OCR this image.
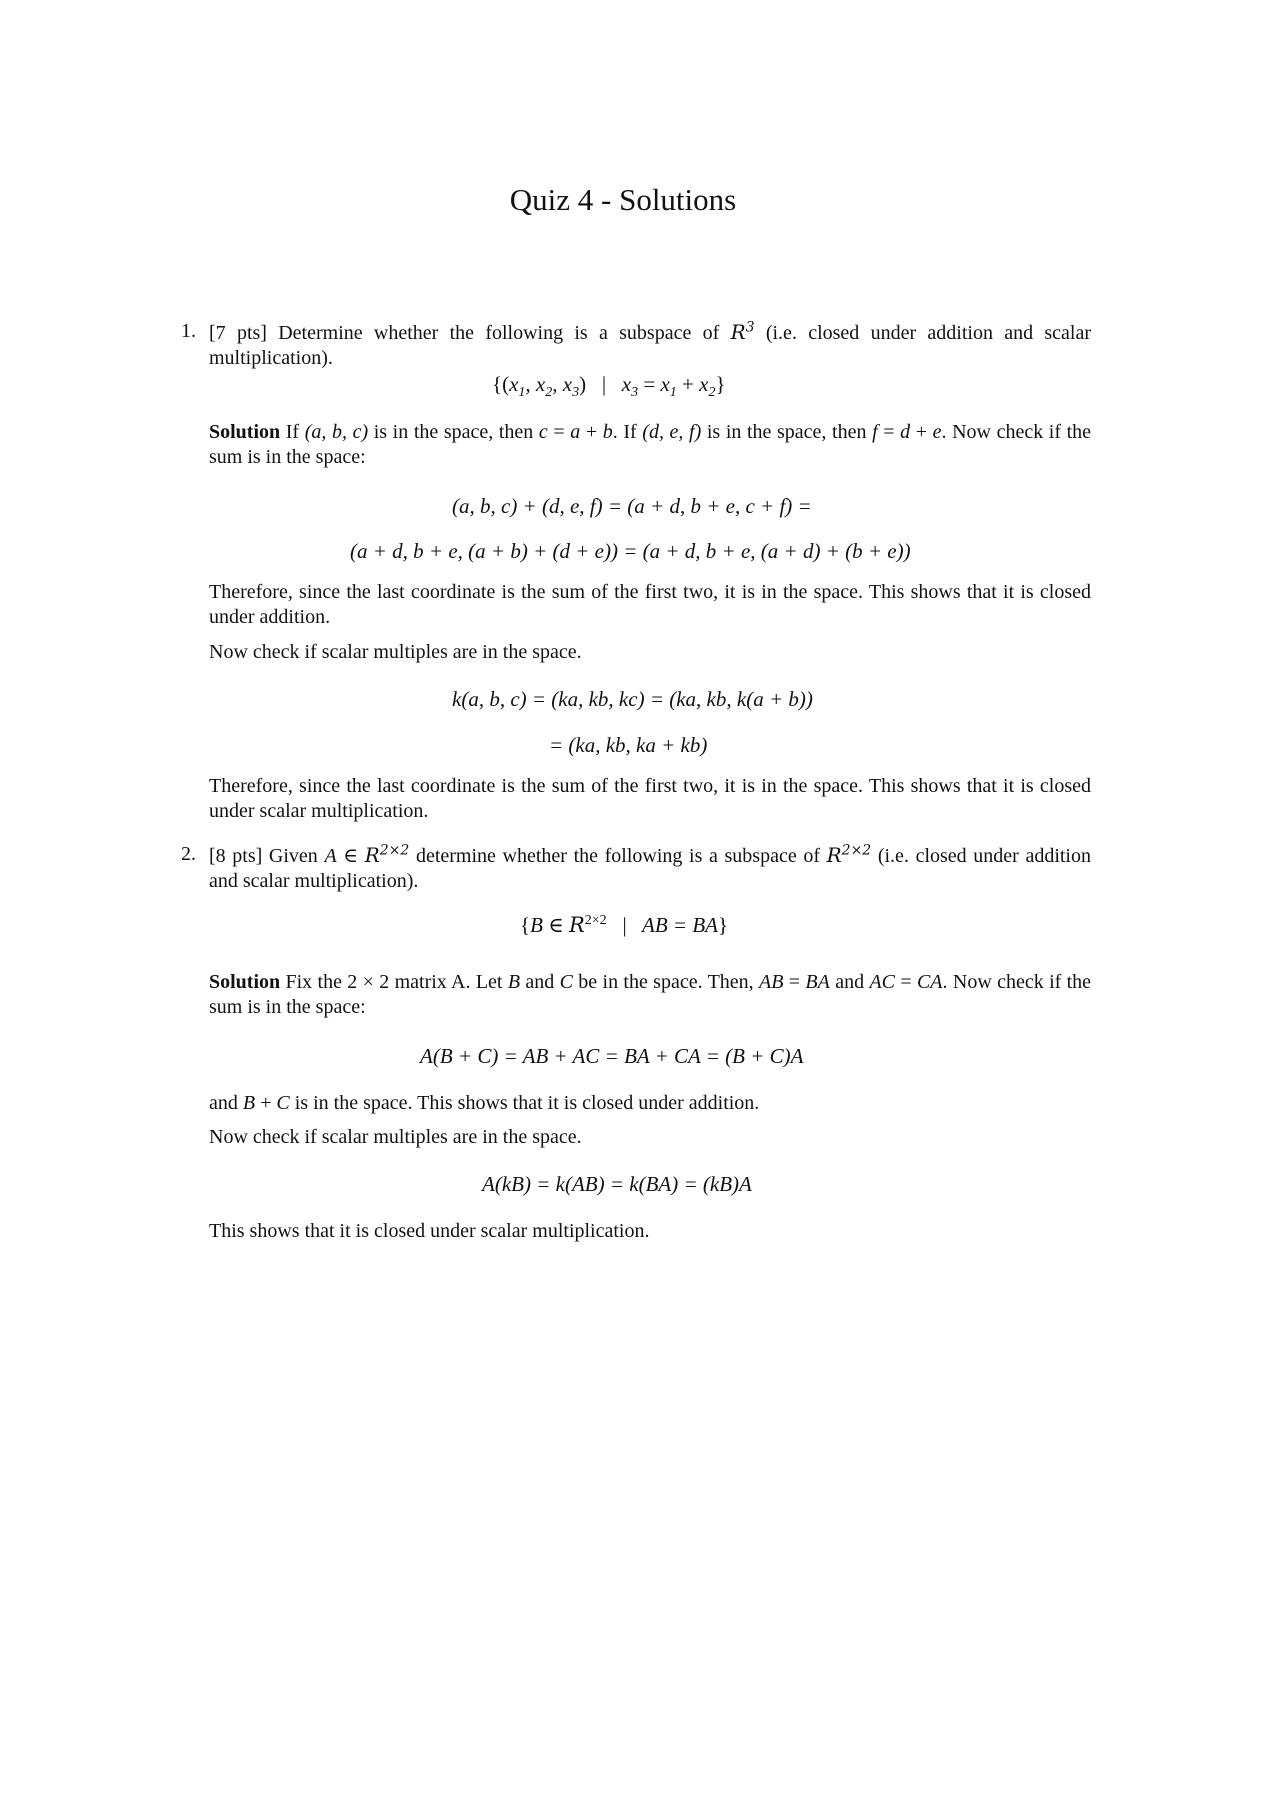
Quiz 4 - Solutions
1. [7 pts] Determine whether the following is a subspace of $R^3$ (i.e. closed under addition and scalar multiplication).
{($x_1$, $x_2$, $x_3$) |   $x_3 = x_1 + x_2$}
Solution If (a, b, c) is in the space, then c = a + b. If (d, e, f) is in the space, then f = d + e. Now check if the sum is in the space:
(a, b, c) + (d, e, f) = (a + d, b + e, c + f) =
(a + d, b + e, (a + b) + (d + e)) = (a + d, b + e, (a + d) + (b + e))
Therefore, since the last coordinate is the sum of the first two, it is in the space. This shows that it is closed under addition.
Now check if scalar multiples are in the space.
k(a, b, c) = (ka, kb, kc) = (ka, kb, k(a + b))
= (ka, kb, ka + kb)
Therefore, since the last coordinate is the sum of the first two, it is in the space. This shows that it is closed under scalar multiplication.
2. [8 pts] Given A ∈ $R^{2\times 2}$ determine whether the following is a subspace of $R^{2\times 2}$ (i.e. closed under addition and scalar multiplication).
{B ∈ $R^{2\times 2}$ |   AB = BA}
Solution Fix the 2 × 2 matrix A. Let B and C be in the space. Then, AB = BA and AC = CA. Now check if the sum is in the space:
A(B + C) = AB + AC = BA + CA = (B + C)A
and B + C is in the space. This shows that it is closed under addition.
Now check if scalar multiples are in the space.
A(kB) = k(AB) = k(BA) = (kB)A
This shows that it is closed under scalar multiplication.
